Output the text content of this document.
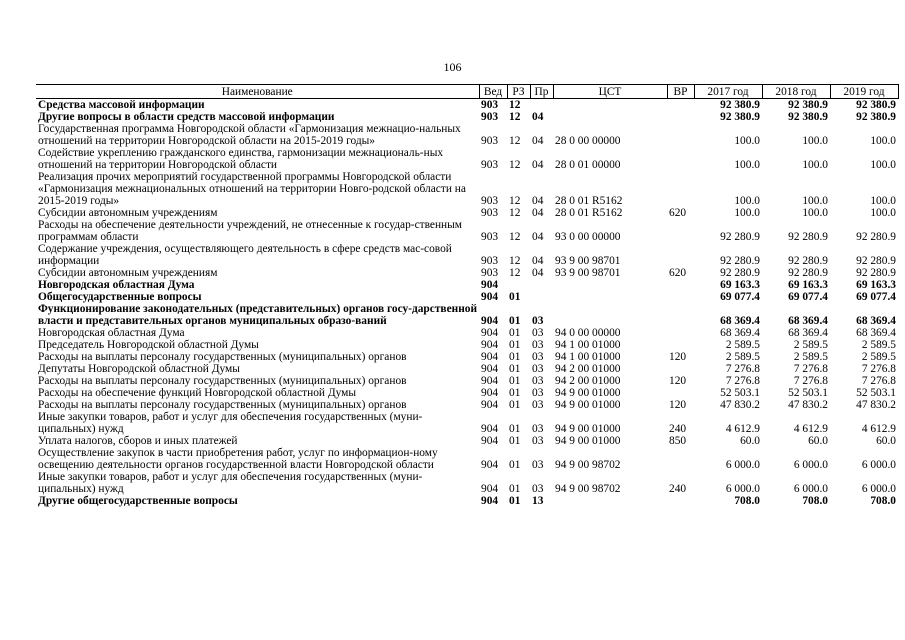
106
Наименование	Вед	РЗ	Пр	ЦСТ	ВР	2017 год	2018 год	2019 год
Средства массовой информации	903	12				92 380.9	92 380.9	92 380.9
Другие вопросы в области средств массовой информации	903	12	04			92 380.9	92 380.9	92 380.9
Государственная программа Новгородской области «Гармонизация межнацио-нальных отношений на территории Новгородской области на 2015-2019 годы»	903	12	04	28 0 00 00000		100.0	100.0	100.0
Содействие укреплению гражданского единства, гармонизации межнациональ-ных отношений на территории Новгородской области	903	12	04	28 0 01 00000		100.0	100.0	100.0
Реализация прочих мероприятий государственной программы Новгородской области «Гармонизация межнациональных отношений на территории Новго-родской области на 2015-2019 годы»	903	12	04	28 0 01 R5162		100.0	100.0	100.0
Субсидии автономным учреждениям	903	12	04	28 0 01 R5162	620	100.0	100.0	100.0
Расходы на обеспечение деятельности учреждений, не отнесенные к государ-ственным программам области	903	12	04	93 0 00 00000		92 280.9	92 280.9	92 280.9
Содержание учреждения, осуществляющего деятельность в сфере средств мас-совой информации	903	12	04	93 9 00 98701		92 280.9	92 280.9	92 280.9
Субсидии автономным учреждениям	903	12	04	93 9 00 98701	620	92 280.9	92 280.9	92 280.9
Новгородская областная Дума	904					69 163.3	69 163.3	69 163.3
Общегосударственные вопросы	904	01				69 077.4	69 077.4	69 077.4
Функционирование законодательных (представительных) органов госу-дарственной власти и представительных органов муниципальных образо-ваний	904	01	03			68 369.4	68 369.4	68 369.4
Новгородская областная Дума	904	01	03	94 0 00 00000		68 369.4	68 369.4	68 369.4
Председатель Новгородской областной Думы	904	01	03	94 1 00 01000		2 589.5	2 589.5	2 589.5
Расходы на выплаты персоналу государственных (муниципальных) органов	904	01	03	94 1 00 01000	120	2 589.5	2 589.5	2 589.5
Депутаты Новгородской областной Думы	904	01	03	94 2 00 01000		7 276.8	7 276.8	7 276.8
Расходы на выплаты персоналу государственных (муниципальных) органов	904	01	03	94 2 00 01000	120	7 276.8	7 276.8	7 276.8
Расходы на обеспечение функций Новгородской областной Думы	904	01	03	94 9 00 01000		52 503.1	52 503.1	52 503.1
Расходы на выплаты персоналу государственных (муниципальных) органов	904	01	03	94 9 00 01000	120	47 830.2	47 830.2	47 830.2
Иные закупки товаров, работ и услуг для обеспечения государственных (муни-ципальных) нужд	904	01	03	94 9 00 01000	240	4 612.9	4 612.9	4 612.9
Уплата налогов, сборов и иных платежей	904	01	03	94 9 00 01000	850	60.0	60.0	60.0
Осуществление закупок в части приобретения работ, услуг по информацион-ному освещению деятельности органов государственной власти Новгородской области	904	01	03	94 9 00 98702		6 000.0	6 000.0	6 000.0
Иные закупки товаров, работ и услуг для обеспечения государственных (муни-ципальных) нужд	904	01	03	94 9 00 98702	240	6 000.0	6 000.0	6 000.0
Другие общегосударственные вопросы	904	01	13			708.0	708.0	708.0
